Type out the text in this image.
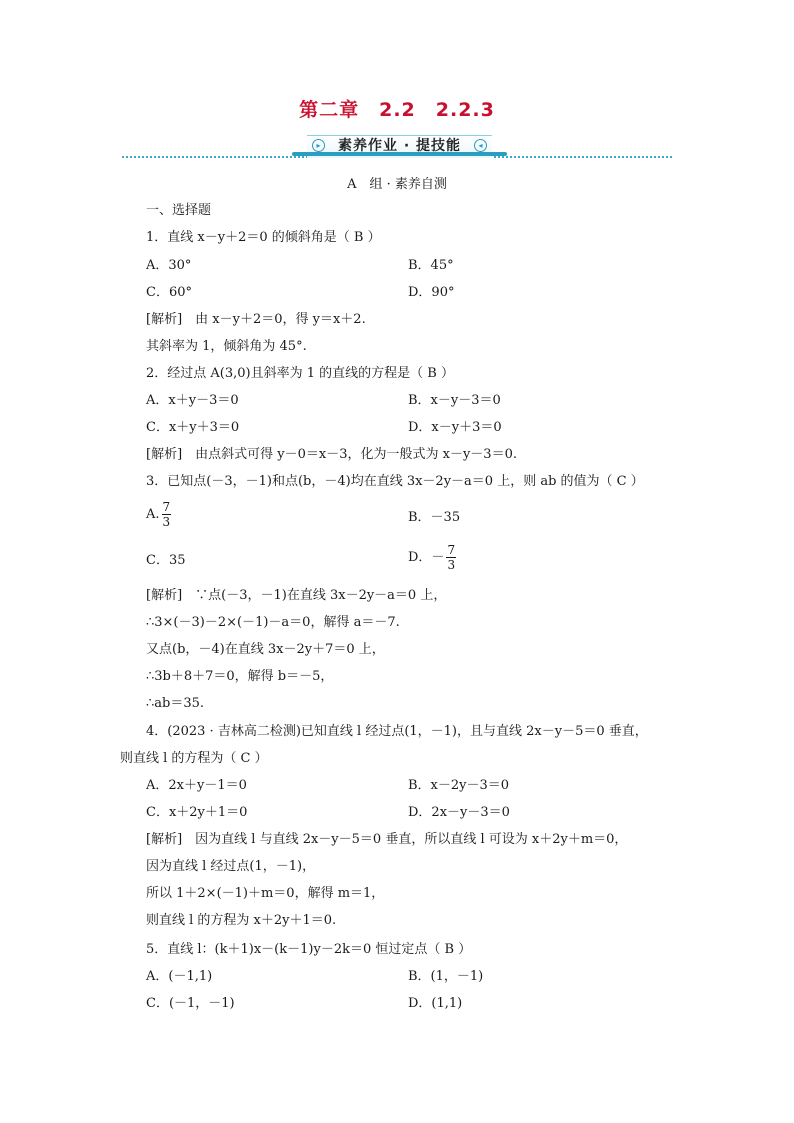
第二章　2.2　2.2.3
▸	素养作业 · 提技能	◂
A　组 · 素养自测
一、选择题
1．直线 x－y＋2＝0 的倾斜角是（ B ）
A．30°	B．45°
C．60°	D．90°
[解析]　由 x－y＋2＝0，得 y＝x＋2.
其斜率为 1，倾斜角为 45°.
2．经过点 A(3,0)且斜率为 1 的直线的方程是（ B ）
A．x＋y－3＝0	B．x－y－3＝0
C．x＋y＋3＝0	D．x－y＋3＝0
[解析]　由点斜式可得 y－0＝x－3，化为一般式为 x－y－3＝0.
3．已知点(－3，－1)和点(b，－4)均在直线 3x－2y－a＝0 上，则 ab 的值为（ C ）
A. $\frac{7}{3}$	B．－35
C．35	D．－ $\frac{7}{3}$
[解析]　∵点(－3，－1)在直线 3x－2y－a＝0 上，
∴3×(－3)－2×(－1)－a＝0，解得 a＝－7.
又点(b，－4)在直线 3x－2y＋7＝0 上，
∴3b＋8＋7＝0，解得 b＝－5，
∴ab＝35.
4．(2023 · 吉林高二检测)已知直线 l 经过点(1，－1)，且与直线 2x－y－5＝0 垂直，
则直线 l 的方程为（ C ）
A．2x＋y－1＝0	B．x－2y－3＝0
C．x＋2y＋1＝0	D．2x－y－3＝0
[解析]　因为直线 l 与直线 2x－y－5＝0 垂直，所以直线 l 可设为 x＋2y＋m＝0，
因为直线 l 经过点(1，－1)，
所以 1＋2×(－1)＋m＝0，解得 m＝1，
则直线 l 的方程为 x＋2y＋1＝0.
5．直线 l：(k＋1)x－(k－1)y－2k＝0 恒过定点（ B ）
A．(－1,1)	B．(1，－1)
C．(－1，－1)	D．(1,1)
